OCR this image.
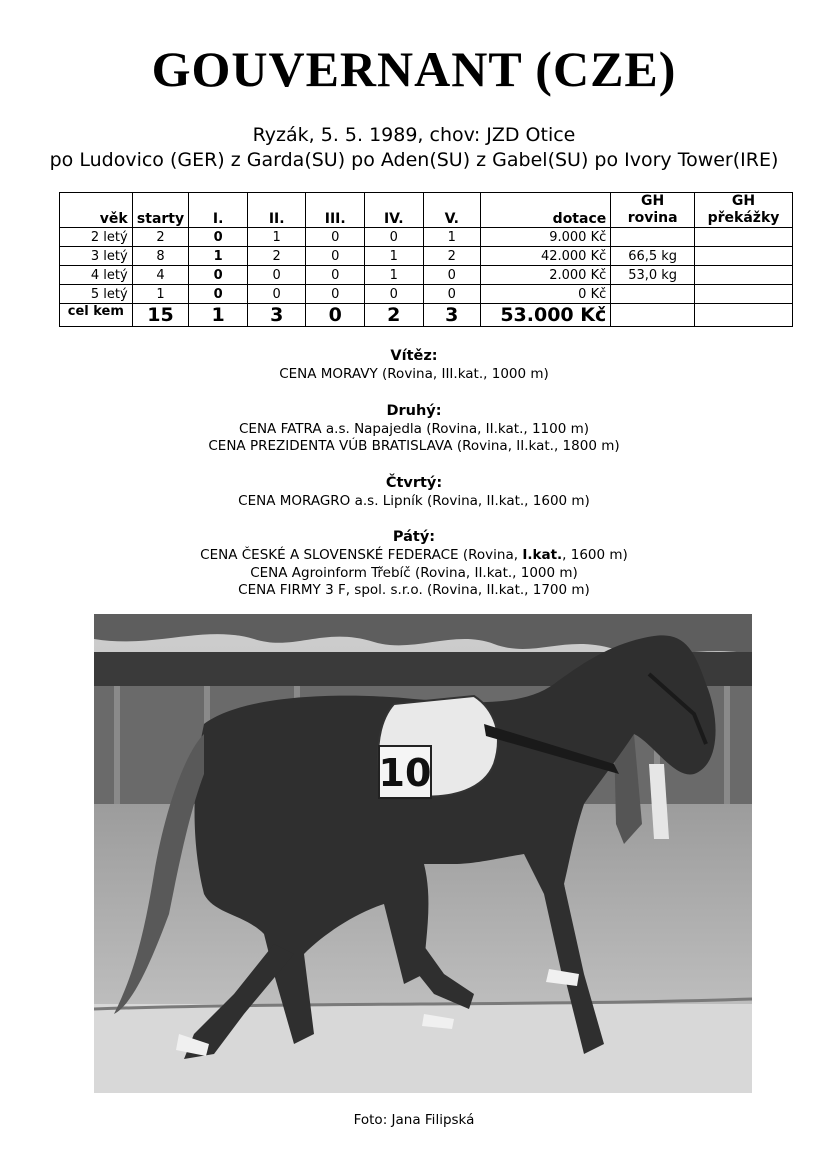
GOUVERNANT (CZE)
Ryzák, 5. 5. 1989, chov: JZD Otice
po Ludovico (GER) z Garda(SU) po Aden(SU) z Gabel(SU) po Ivory Tower(IRE)
věk	starty	I.	II.	III.	IV.	V.	dotace	GH rovina	GH překážky
2 letý	2	0	1	0	0	1	9.000 Kč		
3 letý	8	1	2	0	1	2	42.000 Kč	66,5 kg	
4 letý	4	0	0	0	1	0	2.000 Kč	53,0 kg	
5 letý	1	0	0	0	0	0	0 Kč		
cel kem	15	1	3	0	2	3	53.000 Kč		
Vítěz:
CENA MORAVY (Rovina, III.kat., 1000 m)
Druhý:
CENA FATRA a.s. Napajedla (Rovina, II.kat., 1100 m)
CENA PREZIDENTA VÚB BRATISLAVA (Rovina, II.kat., 1800 m)
Čtvrtý:
CENA MORAGRO a.s. Lipník (Rovina, II.kat., 1600 m)
Pátý:
CENA ČESKÉ A SLOVENSKÉ FEDERACE (Rovina, I.kat., 1600 m)
CENA Agroinform Třebíč (Rovina, II.kat., 1000 m)
CENA FIRMY 3 F, spol. s.r.o. (Rovina, II.kat., 1700 m)
10
Foto: Jana Filipská
